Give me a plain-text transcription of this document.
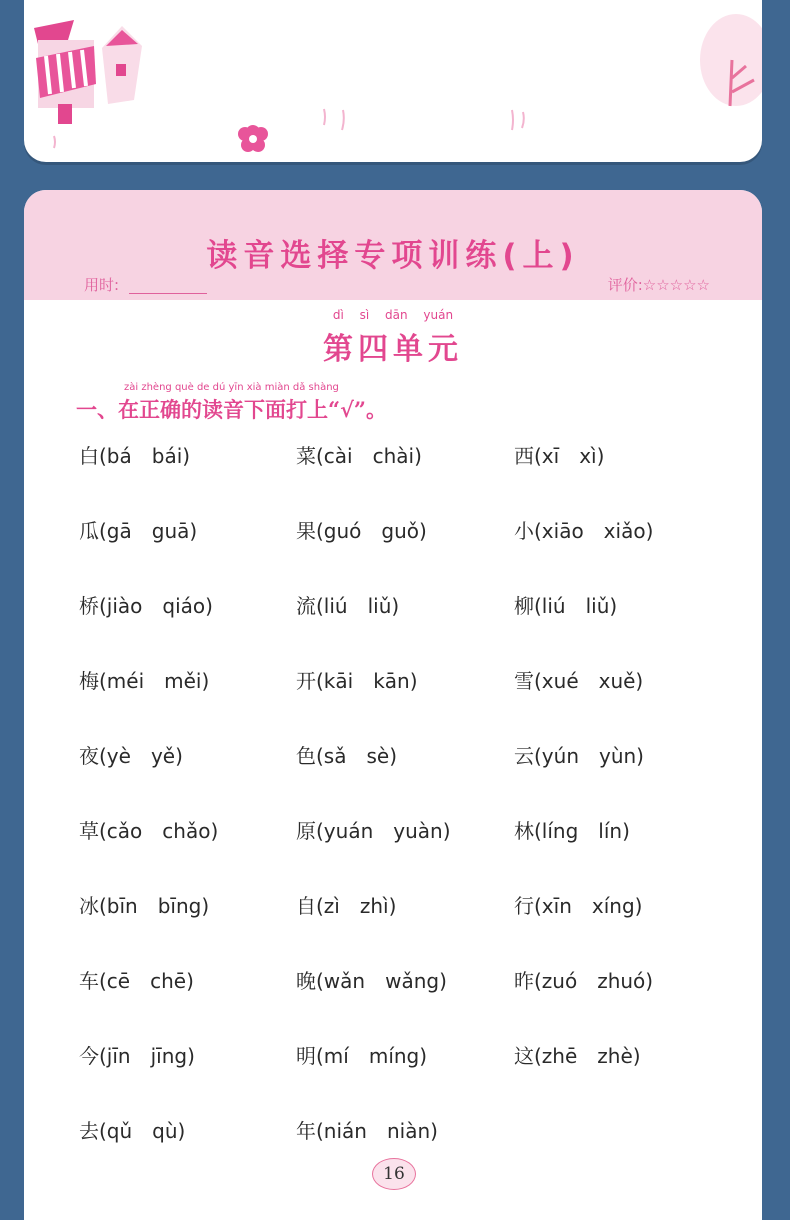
读音选择专项训练(上)
用时:	评价:☆☆☆☆☆
dì sì dān yuán
第四单元
zài zhèng què de dú yīn xià miàn dǎ shàng
一、在正确的读音下面打上“√”。
白(bá　bái)	菜(cài　chài)	西(xī　xì)
瓜(gā　guā)	果(guó　guǒ)	小(xiāo　xiǎo)
桥(jiào　qiáo)	流(liú　liǔ)	柳(liú　liǔ)
梅(méi　měi)	开(kāi　kān)	雪(xué　xuě)
夜(yè　yě)	色(sǎ　sè)	云(yún　yùn)
草(cǎo　chǎo)	原(yuán　yuàn)	林(líng　lín)
冰(bīn　bīng)	自(zì　zhì)	行(xīn　xíng)
车(cē　chē)	晚(wǎn　wǎng)	昨(zuó　zhuó)
今(jīn　jīng)	明(mí　míng)	这(zhē　zhè)
去(qǔ　qù)	年(nián　niàn)
16
